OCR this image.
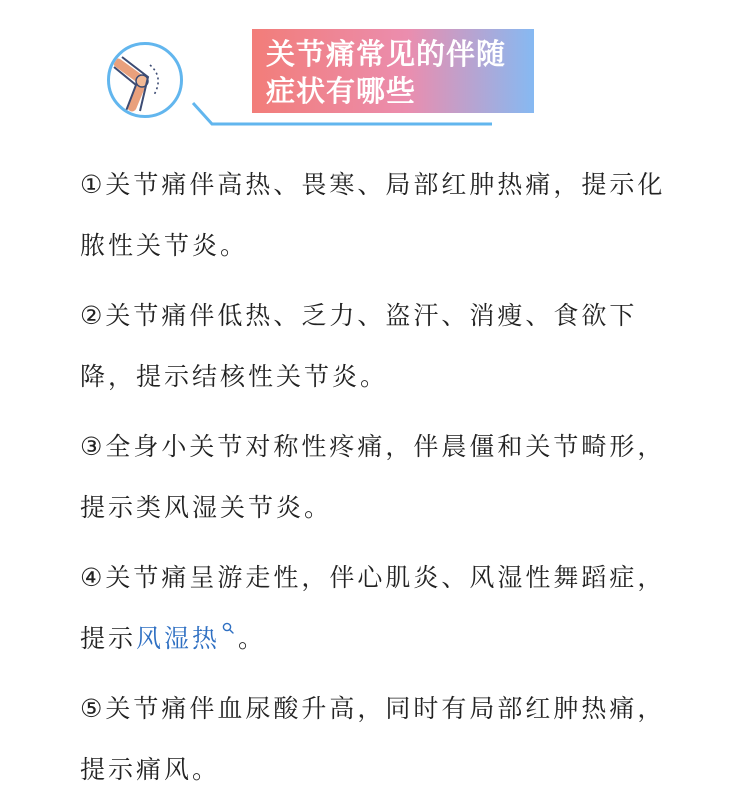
关节痛常见的伴随
症状有哪些

①关节痛伴高热、畏寒、局部红肿热痛，提示化脓性关节炎。

②关节痛伴低热、乏力、盗汗、消瘦、食欲下降，提示结核性关节炎。

③全身小关节对称性疼痛，伴晨僵和关节畸形，提示类风湿关节炎。

④关节痛呈游走性，伴心肌炎、风湿性舞蹈症，提示风湿热 。

⑤关节痛伴血尿酸升高，同时有局部红肿热痛，提示痛风。
